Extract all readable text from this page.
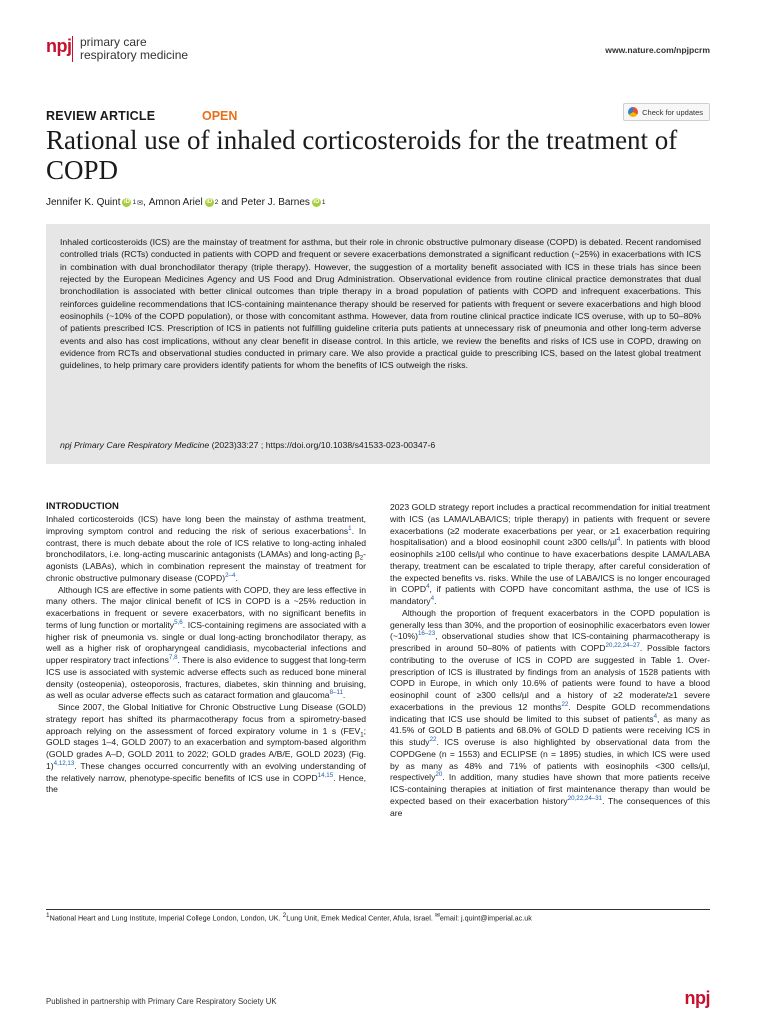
npj primary care
respiratory medicine	www.nature.com/npjpcrm
REVIEW ARTICLE	OPEN	Check for updates
Rational use of inhaled corticosteroids for the treatment of COPD
Jennifer K. Quint iD 1 ✉ , Amnon Ariel iD 2 and Peter J. Barnes iD 1

Inhaled corticosteroids (ICS) are the mainstay of treatment for asthma, but their role in chronic obstructive pulmonary disease (COPD) is debated. Recent randomised controlled trials (RCTs) conducted in patients with COPD and frequent or severe exacerbations demonstrated a significant reduction (~25%) in exacerbations with ICS in combination with dual bronchodilator therapy (triple therapy). However, the suggestion of a mortality benefit associated with ICS in these trials has since been rejected by the European Medicines Agency and US Food and Drug Administration. Observational evidence from routine clinical practice demonstrates that dual bronchodilation is associated with better clinical outcomes than triple therapy in a broad population of patients with COPD and infrequent exacerbations. This reinforces guideline recommendations that ICS-containing maintenance therapy should be reserved for patients with frequent or severe exacerbations and high blood eosinophils (~10% of the COPD population), or those with concomitant asthma. However, data from routine clinical practice indicate ICS overuse, with up to 50–80% of patients prescribed ICS. Prescription of ICS in patients not fulfilling guideline criteria puts patients at unnecessary risk of pneumonia and other long-term adverse events and also has cost implications, without any clear benefit in disease control. In this article, we review the benefits and risks of ICS use in COPD, drawing on evidence from RCTs and observational studies conducted in primary care. We also provide a practical guide to prescribing ICS, based on the latest global treatment guidelines, to help primary care providers identify patients for whom the benefits of ICS outweigh the risks.

npj Primary Care Respiratory Medicine (2023)33:27 ; https://doi.org/10.1038/s41533-023-00347-6
INTRODUCTION

Inhaled corticosteroids (ICS) have long been the mainstay of asthma treatment, improving symptom control and reducing the risk of serious exacerbations$^1$. In contrast, there is much debate about the role of ICS relative to long-acting inhaled bronchodilators, i.e. long-acting muscarinic antagonists (LAMAs) and long-acting $\beta_2$-agonists (LABAs), which in combination represent the mainstay of treatment for chronic obstructive pulmonary disease (COPD)$^{2-4}$.

Although ICS are effective in some patients with COPD, they are less effective in many others. The major clinical benefit of ICS in COPD is a ~25% reduction in exacerbations in frequent or severe exacerbators, with no significant benefits in terms of lung function or mortality$^{5,6}$. ICS-containing regimens are associated with a higher risk of pneumonia vs. single or dual long-acting bronchodilator therapy, as well as a higher risk of oropharyngeal candidiasis, mycobacterial infections and upper respiratory tract infections$^{7,8}$. There is also evidence to suggest that long-term ICS use is associated with systemic adverse effects such as reduced bone mineral density (osteopenia), osteoporosis, fractures, diabetes, skin thinning and bruising, as well as ocular adverse effects such as cataract formation and glaucoma$^{8-11}$.

Since 2007, the Global Initiative for Chronic Obstructive Lung Disease (GOLD) strategy report has shifted its pharmacotherapy focus from a spirometry-based approach relying on the assessment of forced expiratory volume in 1 s ($FEV_1$; GOLD stages 1–4, GOLD 2007) to an exacerbation and symptom-based algorithm (GOLD grades A–D, GOLD 2011 to 2022; GOLD grades A/B/E, GOLD 2023) (Fig. 1)$^{4,12,13}$. These changes occurred concurrently with an evolving understanding of the relatively narrow, phenotype-specific benefits of ICS use in COPD$^{14,15}$. Hence, the

2023 GOLD strategy report includes a practical recommendation for initial treatment with ICS (as LAMA/LABA/ICS; triple therapy) in patients with frequent or severe exacerbations (≥2 moderate exacerbations per year, or ≥1 exacerbation requiring hospitalisation) and a blood eosinophil count ≥300 cells/µl$^4$. In patients with blood eosinophils ≥100 cells/µl who continue to have exacerbations despite LAMA/LABA therapy, treatment can be escalated to triple therapy, after careful consideration of the expected benefits vs. risks. While the use of LABA/ICS is no longer encouraged in COPD$^4$, if patients with COPD have concomitant asthma, the use of ICS is mandatory$^4$.

Although the proportion of frequent exacerbators in the COPD population is generally less than 30%, and the proportion of eosinophilic exacerbators even lower (~10%)$^{16-23}$, observational studies show that ICS-containing pharmacotherapy is prescribed in around 50–80% of patients with COPD$^{20,22,24-27}$. Possible factors contributing to the overuse of ICS in COPD are suggested in Table 1. Over-prescription of ICS is illustrated by findings from an analysis of 1528 patients with COPD in Europe, in which only 10.6% of patients were found to have a blood eosinophil count of ≥300 cells/µl and a history of ≥2 moderate/≥1 severe exacerbations in the previous 12 months$^{22}$. Despite GOLD recommendations indicating that ICS use should be limited to this subset of patients$^4$, as many as 41.5% of GOLD B patients and 68.0% of GOLD D patients were receiving ICS in this study$^{22}$. ICS overuse is also highlighted by observational data from the COPDGene (n = 1553) and ECLIPSE (n = 1895) studies, in which ICS were used by as many as 48% and 71% of patients with eosinophils <300 cells/µl, respectively$^{20}$. In addition, many studies have shown that more patients receive ICS-containing therapies at initiation of first maintenance therapy than would be expected based on their exacerbation history$^{20,22,24-31}$. The consequences of this are

$^1$National Heart and Lung Institute, Imperial College London, London, UK. $^2$Lung Unit, Emek Medical Center, Afula, Israel. ✉email: j.quint@imperial.ac.uk
Published in partnership with Primary Care Respiratory Society UK	npj
